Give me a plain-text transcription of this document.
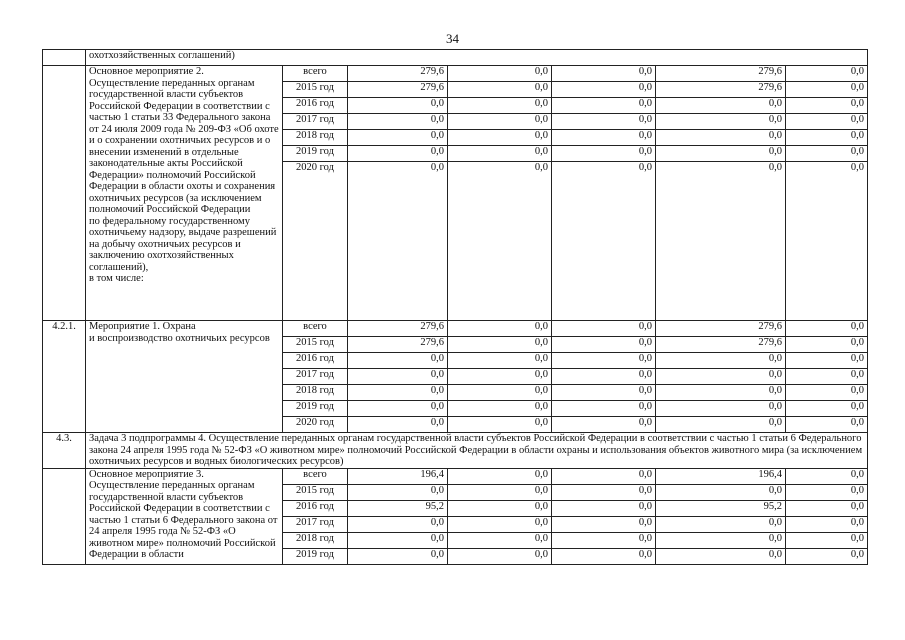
34
	охотхозяйственных соглашений)						
	Основное мероприятие 2.
Осуществление переданных органам государственной власти субъектов Российской Федерации в соответствии с частью 1 статьи 33 Федерального закона от 24 июля 2009 года № 209-ФЗ «Об охоте и о сохранении охотничьих ресурсов и о внесении изменений в отдельные законодательные акты Российской Федерации» полномочий Российской Федерации в области охоты и сохранения охотничьих ресурсов (за исключением полномочий Российской Федерации
по федеральному государственному охотничьему надзору, выдаче разрешений на добычу охотничьих ресурсов и заключению охотхозяйственных соглашений),
в том числе:	всего	279,6	0,0	0,0	279,6	0,0
		2015 год	279,6	0,0	0,0	279,6	0,0
		2016 год	0,0	0,0	0,0	0,0	0,0
		2017 год	0,0	0,0	0,0	0,0	0,0
		2018 год	0,0	0,0	0,0	0,0	0,0
		2019 год	0,0	0,0	0,0	0,0	0,0
		2020 год	0,0	0,0	0,0	0,0	0,0
4.2.1.	Мероприятие 1. Охрана
и воспроизводство охотничьих ресурсов	всего	279,6	0,0	0,0	279,6	0,0
		2015 год	279,6	0,0	0,0	279,6	0,0
		2016 год	0,0	0,0	0,0	0,0	0,0
		2017 год	0,0	0,0	0,0	0,0	0,0
		2018 год	0,0	0,0	0,0	0,0	0,0
		2019 год	0,0	0,0	0,0	0,0	0,0
		2020 год	0,0	0,0	0,0	0,0	0,0
4.3.	Задача 3 подпрограммы 4. Осуществление переданных органам государственной власти субъектов Российской Федерации в соответствии с частью 1 статьи 6 Федерального закона 24 апреля 1995 года № 52-ФЗ «О животном мире» полномочий Российской Федерации в области охраны и использования объектов животного мира (за исключением охотничьих ресурсов и водных биологических ресурсов)						
	Основное мероприятие 3.
Осуществление переданных органам государственной власти субъектов Российской Федерации в соответствии с частью 1 статьи 6 Федерального закона от 24 апреля 1995 года № 52-ФЗ «О животном мире» полномочий Российской Федерации в области	всего	196,4	0,0	0,0	196,4	0,0
		2015 год	0,0	0,0	0,0	0,0	0,0
		2016 год	95,2	0,0	0,0	95,2	0,0
		2017 год	0,0	0,0	0,0	0,0	0,0
		2018 год	0,0	0,0	0,0	0,0	0,0
		2019 год	0,0	0,0	0,0	0,0	0,0
